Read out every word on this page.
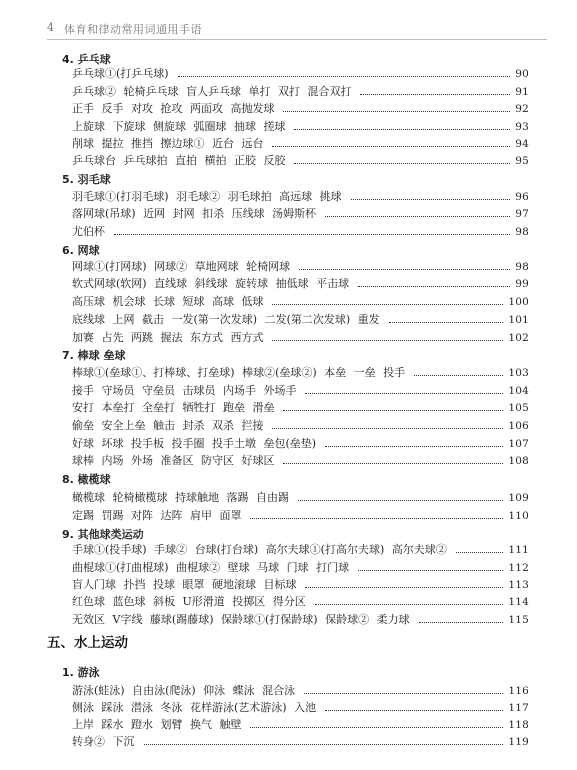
4 体育和律动常用词通用手语
4. 乒乓球
乒乓球①(打乒乓球)	90
乒乓球② 轮椅乒乓球 盲人乒乓球 单打 双打 混合双打	91
正手 反手 对攻 抢攻 两面攻 高抛发球	92
上旋球 下旋球 侧旋球 弧圈球 抽球 搓球	93
削球 提拉 推挡 擦边球① 近台 远台	94
乒乓球台 乒乓球拍 直拍 横拍 正胶 反胶	95
5. 羽毛球
羽毛球①(打羽毛球) 羽毛球② 羽毛球拍 高远球 挑球	96
落网球(吊球) 近网 封网 扣杀 压线球 汤姆斯杯	97
尤伯杯	98
6. 网球
网球①(打网球) 网球② 草地网球 轮椅网球	98
软式网球(软网) 直线球 斜线球 旋转球 抽低球 平击球	99
高压球 机会球 长球 短球 高球 低球	100
底线球 上网 截击 一发(第一次发球) 二发(第二次发球) 重发	101
加赛 占先 两跳 握法 东方式 西方式	102
7. 棒球 垒球
棒球①(垒球①、打棒球、打垒球) 棒球②(垒球②) 本垒 一垒 投手	103
接手 守场员 守垒员 击球员 内场手 外场手	104
安打 本垒打 全垒打 牺牲打 跑垒 滑垒	105
偷垒 安全上垒 触击 封杀 双杀 拦接	106
好球 坏球 投手板 投手圈 投手土墩 垒包(垒垫)	107
球棒 内场 外场 准备区 防守区 好球区	108
8. 橄榄球
橄榄球 轮椅橄榄球 持球触地 落踢 自由踢	109
定踢 罚踢 对阵 达阵 肩甲 面罩	110
9. 其他球类运动
手球①(投手球) 手球② 台球(打台球) 高尔夫球①(打高尔夫球) 高尔夫球②	111
曲棍球①(打曲棍球) 曲棍球② 壁球 马球 门球 打门球	112
盲人门球 扑挡 投球 眼罩 硬地滚球 目标球	113
红色球 蓝色球 斜板 U形滑道 投掷区 得分区	114
无效区 V字线 藤球(踢藤球) 保龄球①(打保龄球) 保龄球② 柔力球	115
五、水上运动
1. 游泳
游泳(蛙泳) 自由泳(爬泳) 仰泳 蝶泳 混合泳	116
侧泳 踩泳 潜泳 冬泳 花样游泳(艺术游泳) 入池	117
上岸 踩水 蹬水 划臂 换气 触壁	118
转身② 下沉	119
